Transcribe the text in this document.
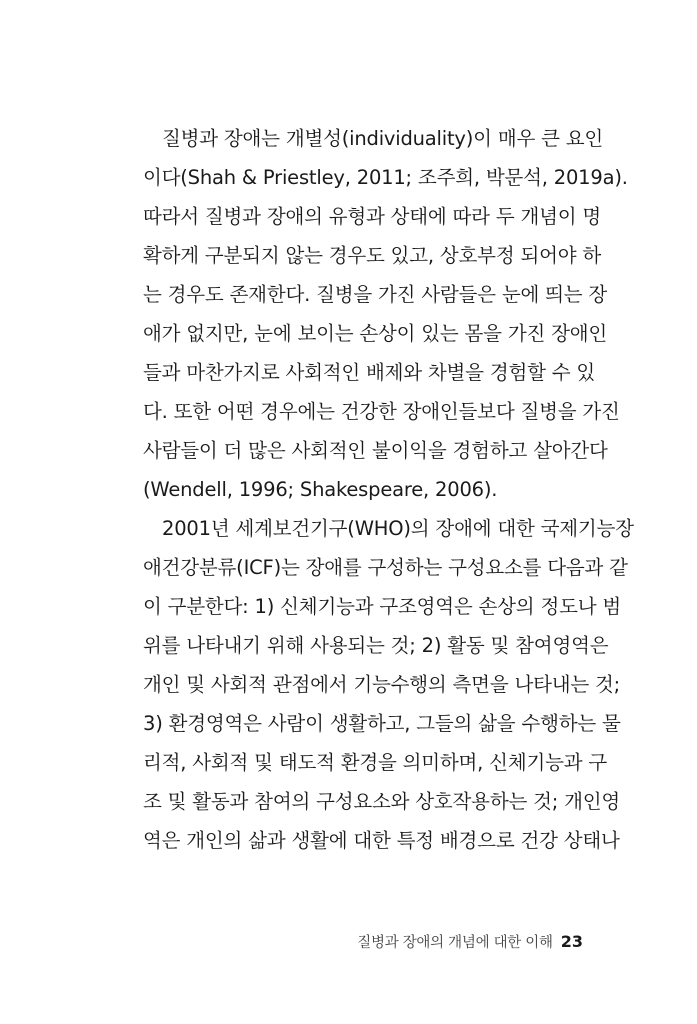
질병과 장애는 개별성(individuality)이 매우 큰 요인
이다(Shah & Priestley, 2011; 조주희, 박문석, 2019a).
따라서 질병과 장애의 유형과 상태에 따라 두 개념이 명
확하게 구분되지 않는 경우도 있고, 상호부정 되어야 하
는 경우도 존재한다. 질병을 가진 사람들은 눈에 띄는 장
애가 없지만, 눈에 보이는 손상이 있는 몸을 가진 장애인
들과 마찬가지로 사회적인 배제와 차별을 경험할 수 있
다. 또한 어떤 경우에는 건강한 장애인들보다 질병을 가진
사람들이 더 많은 사회적인 불이익을 경험하고 살아간다
(Wendell, 1996; Shakespeare, 2006).
2001년 세계보건기구(WHO)의 장애에 대한 국제기능장
애건강분류(ICF)는 장애를 구성하는 구성요소를 다음과 같
이 구분한다: 1) 신체기능과 구조영역은 손상의 정도나 범
위를 나타내기 위해 사용되는 것; 2) 활동 및 참여영역은
개인 및 사회적 관점에서 기능수행의 측면을 나타내는 것;
3) 환경영역은 사람이 생활하고, 그들의 삶을 수행하는 물
리적, 사회적 및 태도적 환경을 의미하며, 신체기능과 구
조 및 활동과 참여의 구성요소와 상호작용하는 것; 개인영
역은 개인의 삶과 생활에 대한 특정 배경으로 건강 상태나
질병과 장애의 개념에 대한 이해 23
